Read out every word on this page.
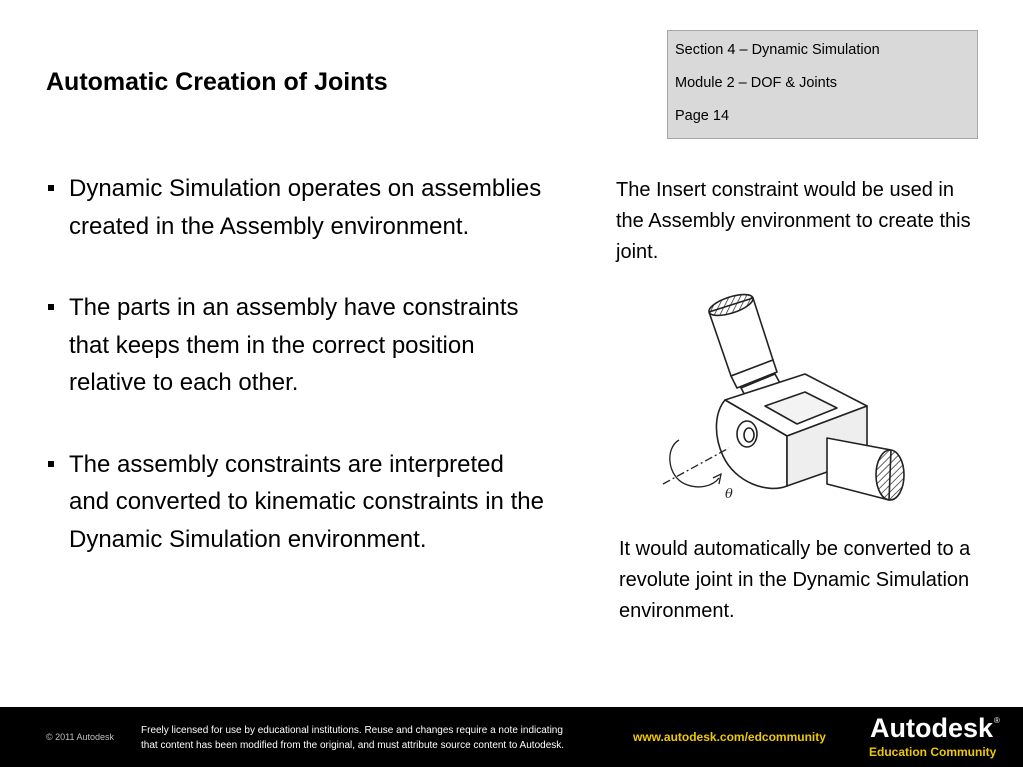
Automatic Creation of Joints
Section 4 – Dynamic Simulation
Module 2 – DOF & Joints
Page 14
Dynamic Simulation operates on assemblies created in the Assembly environment.
The parts in an assembly have constraints that keeps them in the correct position relative to each other.
The assembly constraints are interpreted and converted to kinematic constraints in the Dynamic Simulation environment.
The Insert constraint would be used in the Assembly environment to create this joint.
θ
It would automatically be converted to a revolute joint in the Dynamic Simulation environment.
© 2011 Autodesk
Freely licensed for use by educational institutions. Reuse and changes require a note indicating
that content has been modified from the original, and must attribute source content to Autodesk.
www.autodesk.com/edcommunity Autodesk ®
Education Community
